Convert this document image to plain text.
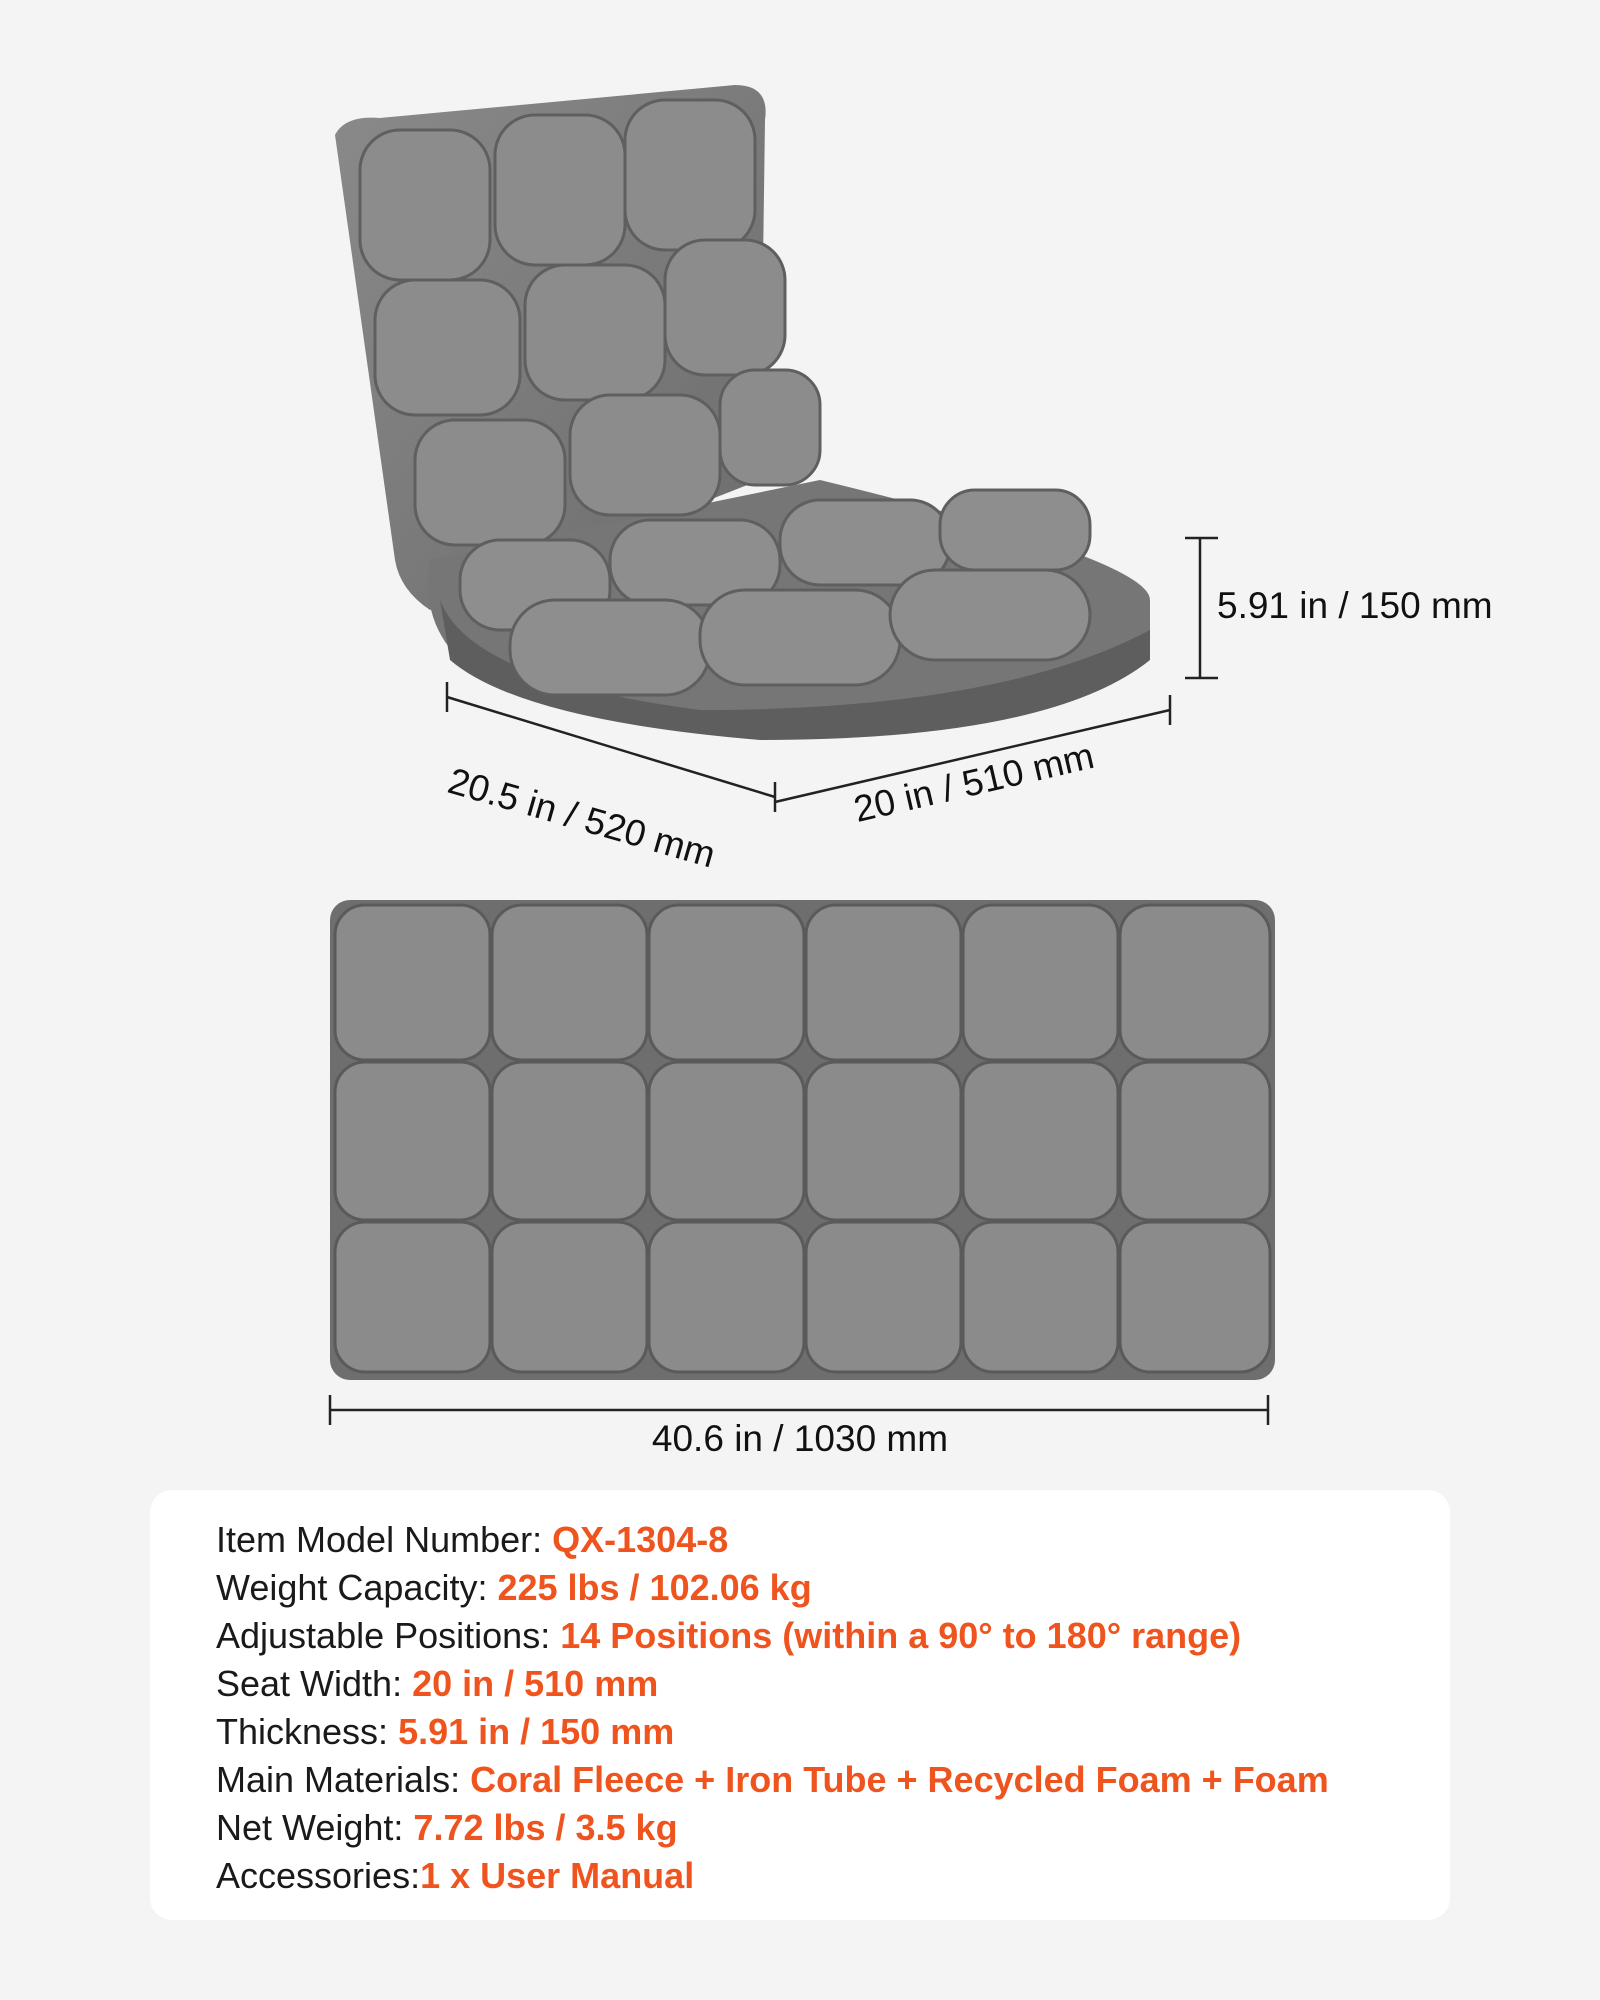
5.91 in / 150 mm
20.5 in / 520 mm	20 in / 510 mm
40.6 in / 1030 mm
Item Model Number: QX-1304-8
Weight Capacity: 225 lbs / 102.06 kg
Adjustable Positions: 14 Positions (within a 90° to 180° range)
Seat Width: 20 in / 510 mm
Thickness: 5.91 in / 150 mm
Main Materials: Coral Fleece + Iron Tube + Recycled Foam + Foam
Net Weight: 7.72 lbs / 3.5 kg
Accessories:1 x User Manual
